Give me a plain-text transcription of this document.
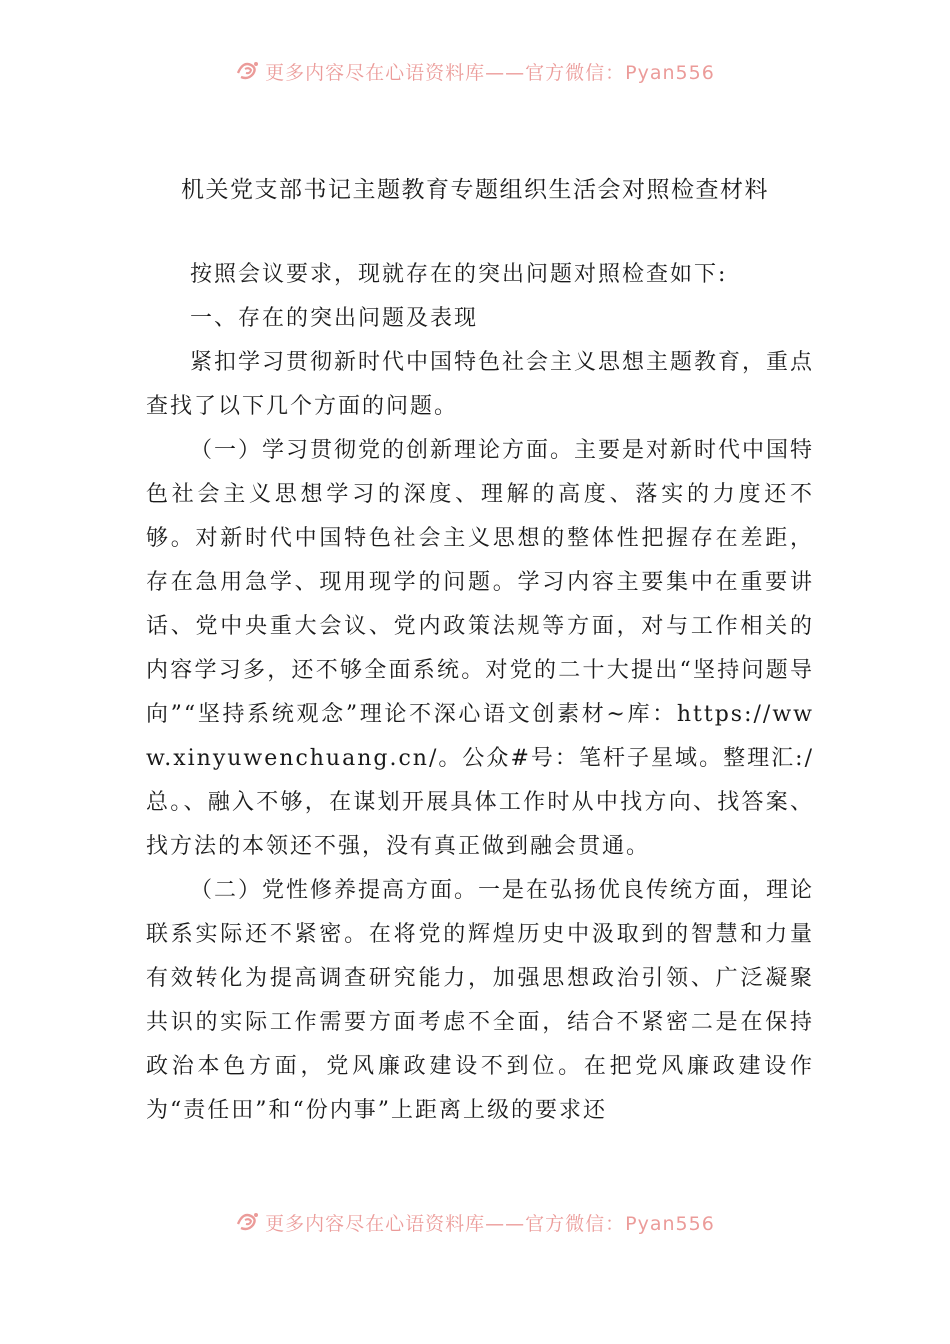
更多内容尽在心语资料库——官方微信：Pyan556
机关党支部书记主题教育专题组织生活会对照检查材料

按照会议要求，现就存在的突出问题对照检查如下:

一、存在的突出问题及表现

紧扣学习贯彻新时代中国特色社会主义思想主题教育，重点查找了以下几个方面的问题。

（一）学习贯彻党的创新理论方面。主要是对新时代中国特色社会主义思想学习的深度、理解的高度、落实的力度还不够。对新时代中国特色社会主义思想的整体性把握存在差距，存在急用急学、现用现学的问题。学习内容主要集中在重要讲话、党中央重大会议、党内政策法规等方面，对与工作相关的内容学习多，还不够全面系统。对党的二十大提出“坚持问题导向”“坚持系统观念”理论不深心语文创素材~库：https://www.xinyuwenchuang.cn/。公众#号：笔杆子星域。整理汇:/总。、融入不够，在谋划开展具体工作时从中找方向、找答案、找方法的本领还不强，没有真正做到融会贯通。

（二）党性修养提高方面。一是在弘扬优良传统方面，理论联系实际还不紧密。在将党的辉煌历史中汲取到的智慧和力量有效转化为提高调查研究能力，加强思想政治引领、广泛凝聚共识的实际工作需要方面考虑不全面，结合不紧密二是在保持政治本色方面，党风廉政建设不到位。在把党风廉政建设作为“责任田”和“份内事”上距离上级的要求还

更多内容尽在心语资料库——官方微信：Pyan556
